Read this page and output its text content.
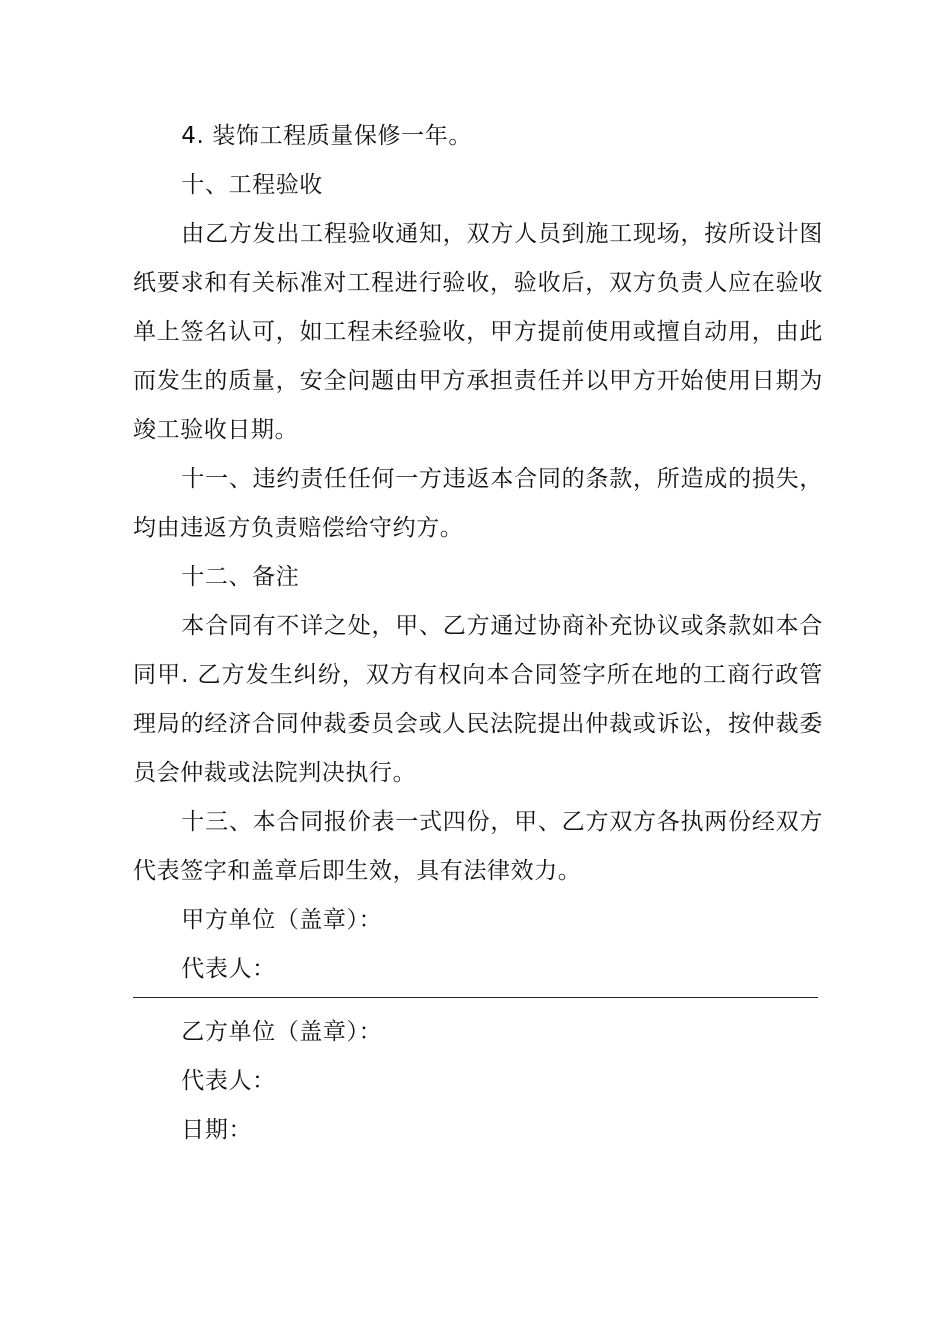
4. 装饰工程质量保修一年。

十、工程验收

由乙方发出工程验收通知，双方人员到施工现场，按所设计图纸要求和有关标准对工程进行验收，验收后，双方负责人应在验收单上签名认可，如工程未经验收，甲方提前使用或擅自动用，由此而发生的质量，安全问题由甲方承担责任并以甲方开始使用日期为竣工验收日期。

十一、违约责任任何一方违返本合同的条款，所造成的损失，均由违返方负责赔偿给守约方。

十二、备注

本合同有不详之处，甲、乙方通过协商补充协议或条款如本合同甲. 乙方发生纠纷，双方有权向本合同签字所在地的工商行政管理局的经济合同仲裁委员会或人民法院提出仲裁或诉讼，按仲裁委员会仲裁或法院判决执行。

十三、本合同报价表一式四份，甲、乙方双方各执两份经双方代表签字和盖章后即生效，具有法律效力。

甲方单位（盖章）：

代表人：

乙方单位（盖章）：

代表人：

日期：
